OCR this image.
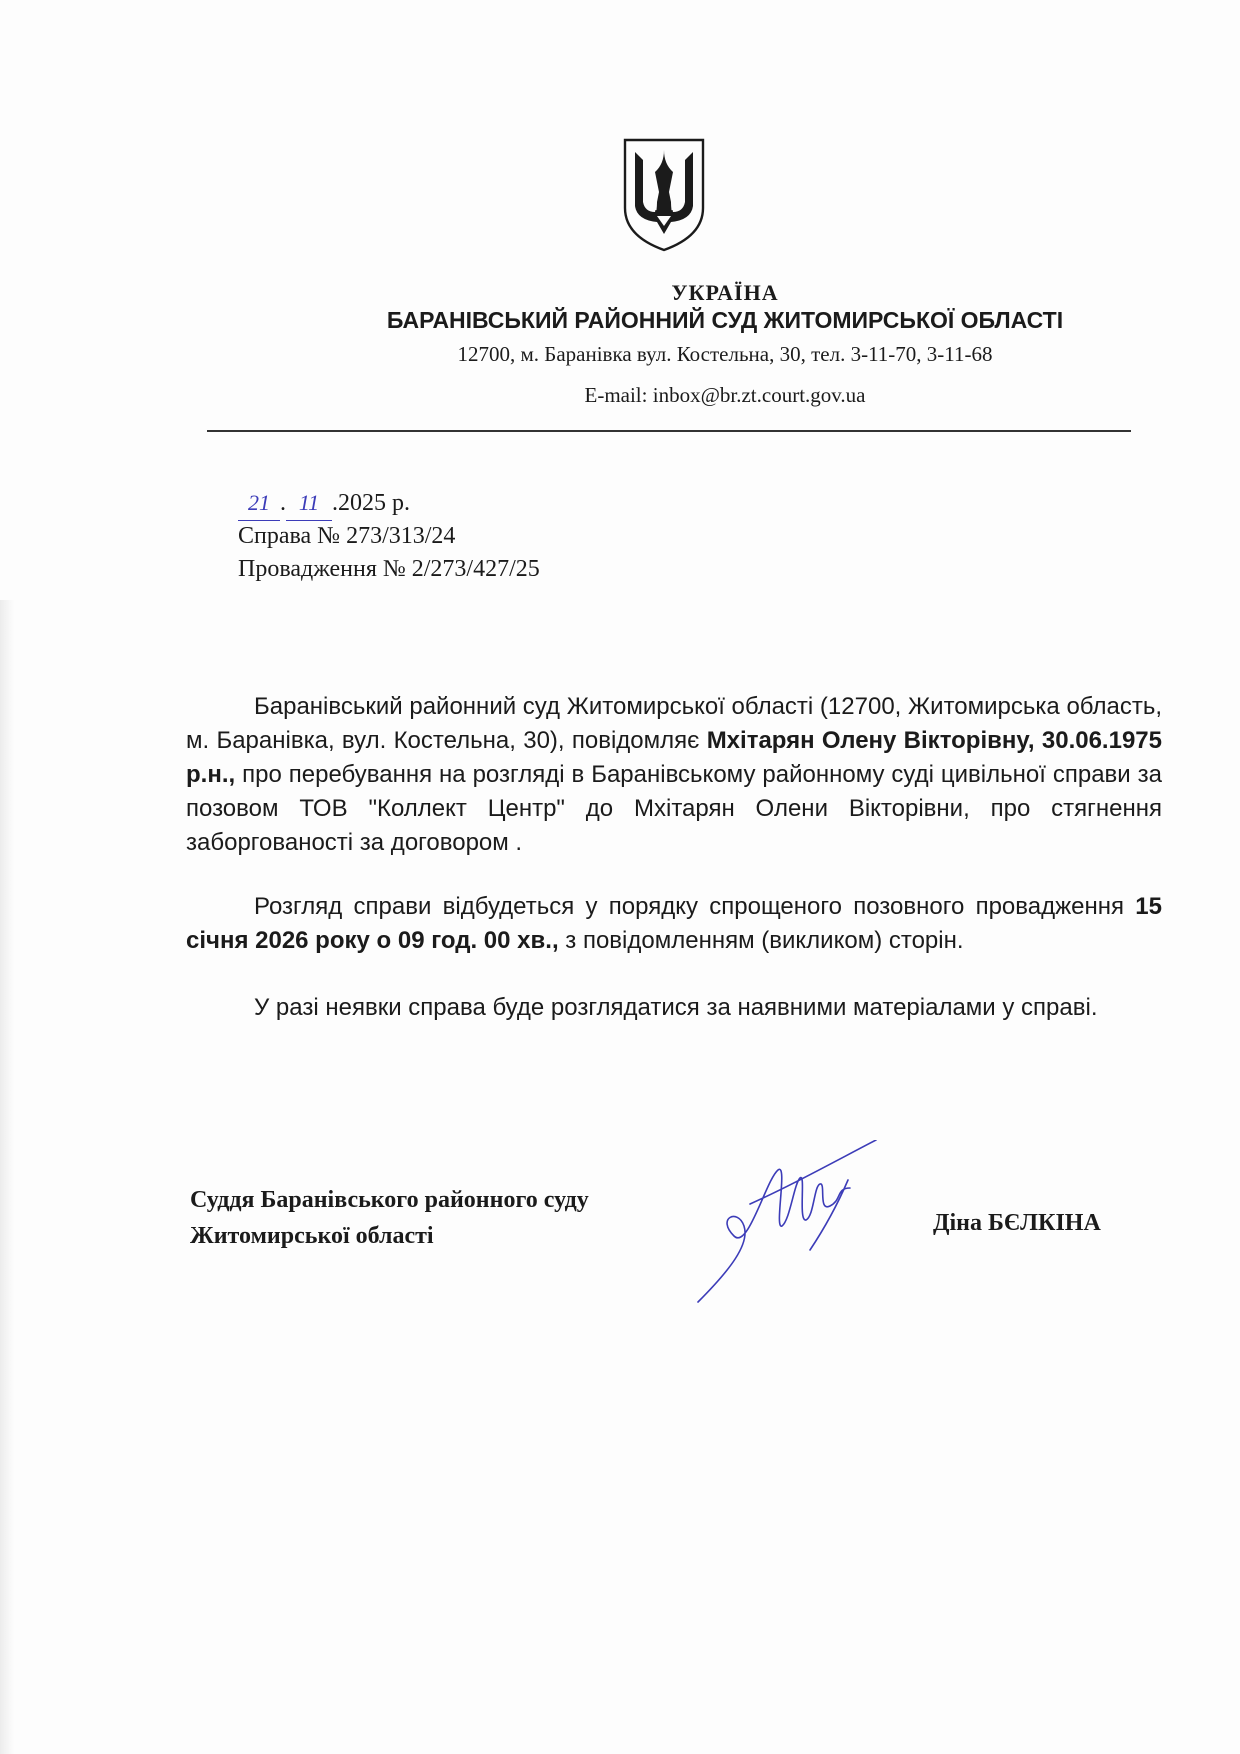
УКРАЇНА
БАРАНІВСЬКИЙ РАЙОННИЙ СУД ЖИТОМИРСЬКОЇ ОБЛАСТІ
12700, м. Баранівка вул. Костельна, 30, тел. 3-11-70, 3-11-68
E-mail: inbox@br.zt.court.gov.ua
21 . 11 .2025 р.
Справа № 273/313/24
Провадження № 2/273/427/25
Баранівський районний суд Житомирської області (12700, Житомирська область, м. Баранівка, вул. Костельна, 30), повідомляє Мхітарян Олену Вікторівну, 30.06.1975 р.н., про перебування на розгляді в Баранівському районному суді цивільної справи за позовом ТОВ "Коллект Центр" до Мхітарян Олени Вікторівни, про стягнення заборгованості за договором .
Розгляд справи відбудеться у порядку спрощеного позовного провадження 15 січня 2026 року о 09 год. 00 хв., з повідомленням (викликом) сторін.
У разі неявки справа буде розглядатися за наявними матеріалами у справі.
Суддя Баранівського районного суду
Житомирської області	Діна БЄЛКІНА
